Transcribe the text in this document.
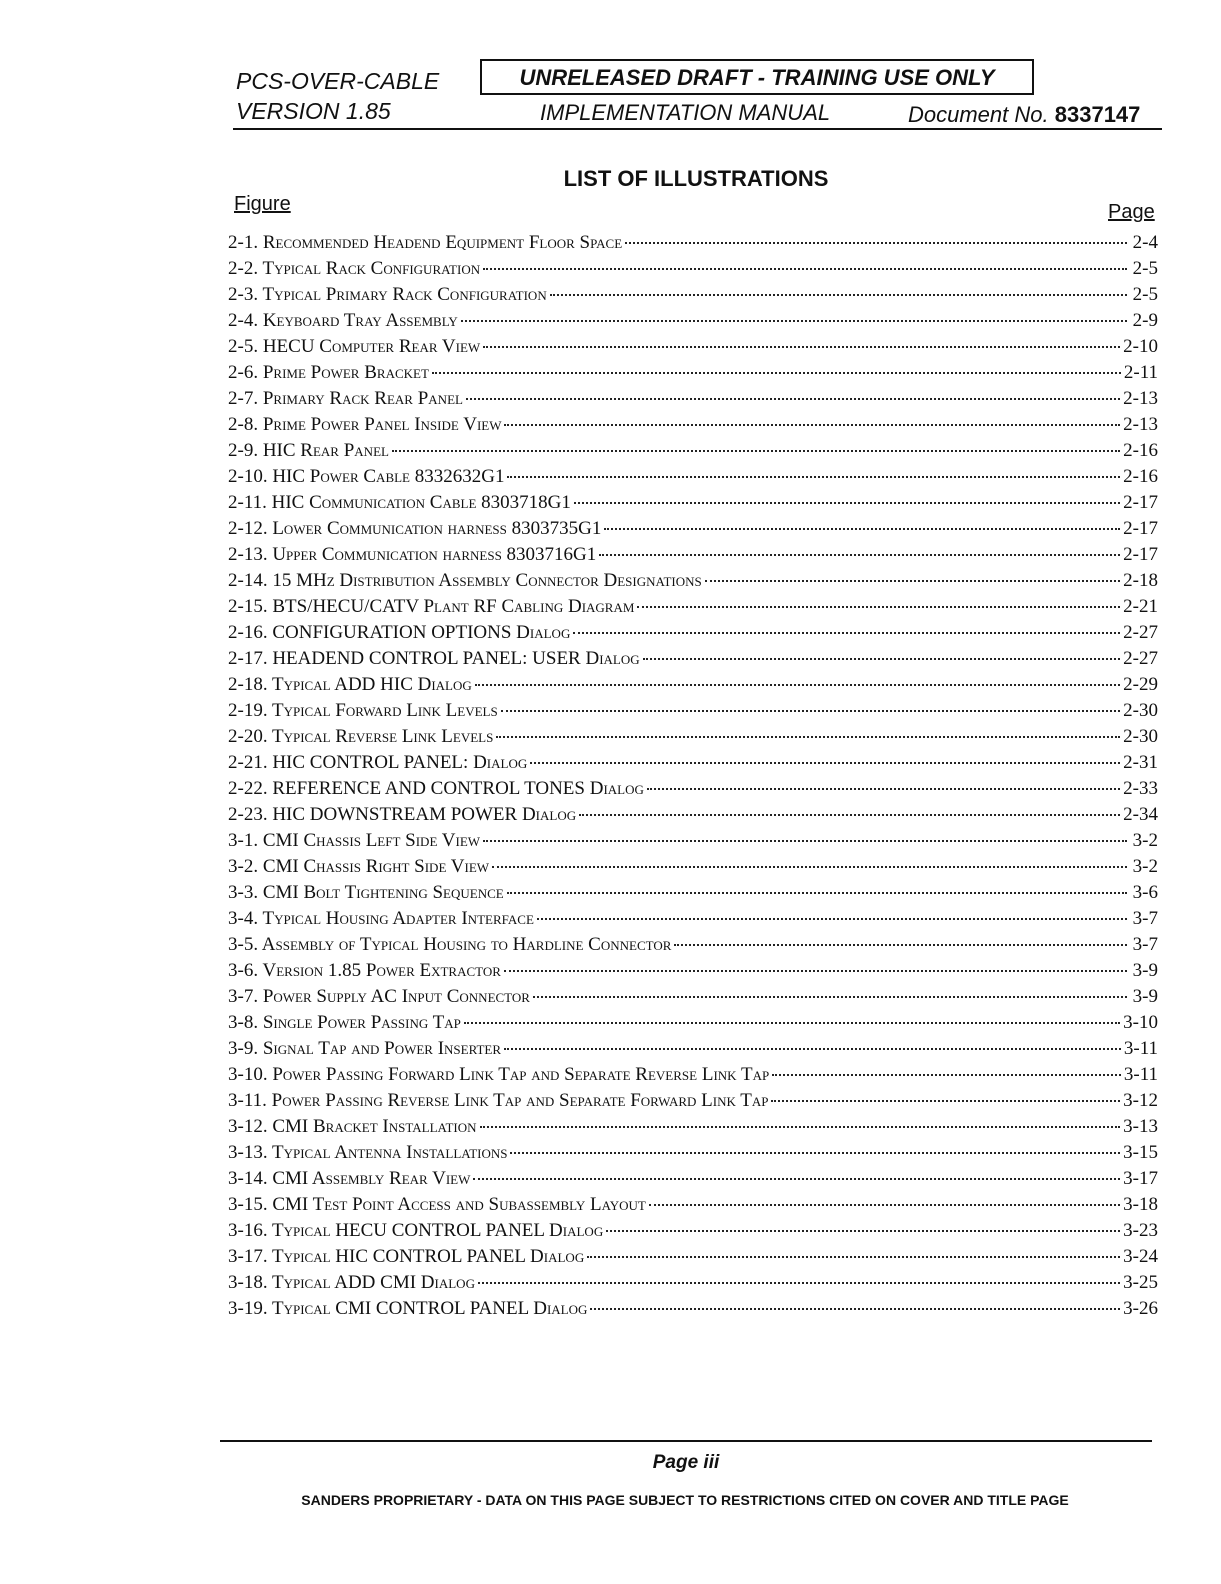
PCS-OVER-CABLE
VERSION 1.85
UNRELEASED DRAFT - TRAINING USE ONLY
IMPLEMENTATION MANUAL	Document No. 8337147
LIST OF ILLUSTRATIONS
Figure	Page
2-1. Recommended Headend Equipment Floor Space	2-4
2-2. Typical Rack Configuration	2-5
2-3. Typical Primary Rack Configuration	2-5
2-4. Keyboard Tray Assembly	2-9
2-5. HECU Computer Rear View	2-10
2-6. Prime Power Bracket	2-11
2-7. Primary Rack Rear Panel	2-13
2-8. Prime Power Panel Inside View	2-13
2-9. HIC Rear Panel	2-16
2-10. HIC Power Cable 8332632G1	2-16
2-11. HIC Communication Cable 8303718G1	2-17
2-12. Lower Communication harness 8303735G1	2-17
2-13. Upper Communication harness 8303716G1	2-17
2-14. 15 MHz Distribution Assembly Connector Designations	2-18
2-15. BTS/HECU/CATV Plant RF Cabling Diagram	2-21
2-16. CONFIGURATION OPTIONS Dialog	2-27
2-17. HEADEND CONTROL PANEL: USER Dialog	2-27
2-18. Typical ADD HIC Dialog	2-29
2-19. Typical Forward Link Levels	2-30
2-20. Typical Reverse Link Levels	2-30
2-21. HIC CONTROL PANEL: Dialog	2-31
2-22. REFERENCE AND CONTROL TONES Dialog	2-33
2-23. HIC DOWNSTREAM POWER Dialog	2-34
3-1. CMI Chassis Left Side View	3-2
3-2. CMI Chassis Right Side View	3-2
3-3. CMI Bolt Tightening Sequence	3-6
3-4. Typical Housing Adapter Interface	3-7
3-5. Assembly of Typical Housing to Hardline Connector	3-7
3-6. Version 1.85 Power Extractor	3-9
3-7. Power Supply AC Input Connector	3-9
3-8. Single Power Passing Tap	3-10
3-9. Signal Tap and Power Inserter	3-11
3-10. Power Passing Forward Link Tap and Separate Reverse Link Tap	3-11
3-11. Power Passing Reverse Link Tap and Separate Forward Link Tap	3-12
3-12. CMI Bracket Installation	3-13
3-13. Typical Antenna Installations	3-15
3-14. CMI Assembly Rear View	3-17
3-15. CMI Test Point Access and Subassembly Layout	3-18
3-16. Typical HECU CONTROL PANEL Dialog	3-23
3-17. Typical HIC CONTROL PANEL Dialog	3-24
3-18. Typical ADD CMI Dialog	3-25
3-19. Typical CMI CONTROL PANEL Dialog	3-26
Page iii
SANDERS PROPRIETARY - DATA ON THIS PAGE SUBJECT TO RESTRICTIONS CITED ON COVER AND TITLE PAGE
